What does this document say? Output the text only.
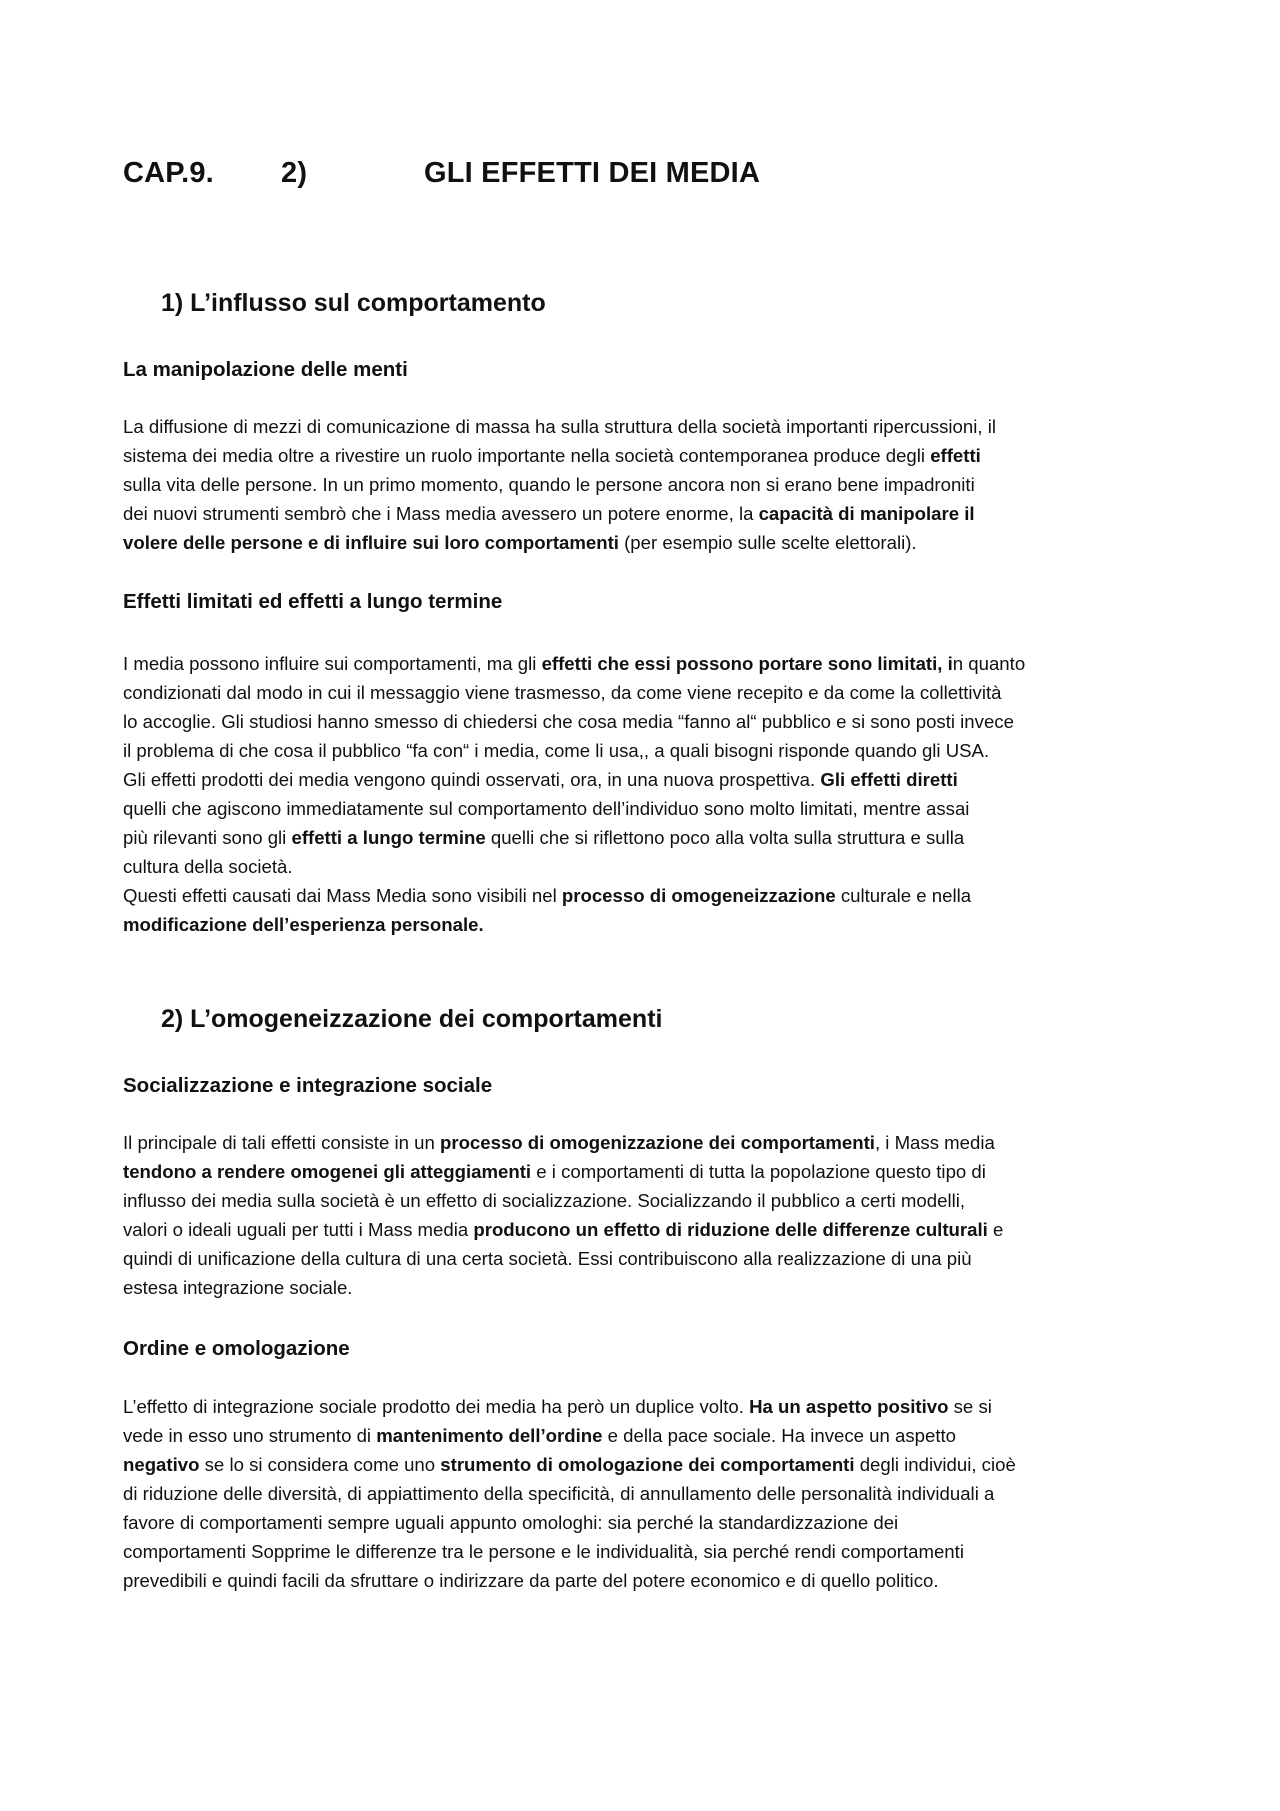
CAP.9. 2)	GLI EFFETTI DEI MEDIA
1) L’influsso sul comportamento
La manipolazione delle menti
La diffusione di mezzi di comunicazione di massa ha sulla struttura della società importanti ripercussioni, il
sistema dei media oltre a rivestire un ruolo importante nella società contemporanea produce degli effetti
sulla vita delle persone. In un primo momento, quando le persone ancora non si erano bene impadroniti
dei nuovi strumenti sembrò che i Mass media avessero un potere enorme, la capacità di manipolare il
volere delle persone e di influire sui loro comportamenti (per esempio sulle scelte elettorali).
Effetti limitati ed effetti a lungo termine
I media possono influire sui comportamenti, ma gli effetti che essi possono portare sono limitati, in quanto
condizionati dal modo in cui il messaggio viene trasmesso, da come viene recepito e da come la collettività
lo accoglie. Gli studiosi hanno smesso di chiedersi che cosa media “fanno al“ pubblico e si sono posti invece
il problema di che cosa il pubblico “fa con“ i media, come li usa,, a quali bisogni risponde quando gli USA.
Gli effetti prodotti dei media vengono quindi osservati, ora, in una nuova prospettiva. Gli effetti diretti
quelli che agiscono immediatamente sul comportamento dell’individuo sono molto limitati, mentre assai
più rilevanti sono gli effetti a lungo termine quelli che si riflettono poco alla volta sulla struttura e sulla
cultura della società.
Questi effetti causati dai Mass Media sono visibili nel processo di omogeneizzazione culturale e nella
modificazione dell’esperienza personale.
2) L’omogeneizzazione dei comportamenti
Socializzazione e integrazione sociale
Il principale di tali effetti consiste in un processo di omogenizzazione dei comportamenti, i Mass media
tendono a rendere omogenei gli atteggiamenti e i comportamenti di tutta la popolazione questo tipo di
influsso dei media sulla società è un effetto di socializzazione. Socializzando il pubblico a certi modelli,
valori o ideali uguali per tutti i Mass media producono un effetto di riduzione delle differenze culturali e
quindi di unificazione della cultura di una certa società. Essi contribuiscono alla realizzazione di una più
estesa integrazione sociale.
Ordine e omologazione
L’effetto di integrazione sociale prodotto dei media ha però un duplice volto. Ha un aspetto positivo se si
vede in esso uno strumento di mantenimento dell’ordine e della pace sociale. Ha invece un aspetto
negativo se lo si considera come uno strumento di omologazione dei comportamenti degli individui, cioè
di riduzione delle diversità, di appiattimento della specificità, di annullamento delle personalità individuali a
favore di comportamenti sempre uguali appunto omologhi: sia perché la standardizzazione dei
comportamenti Sopprime le differenze tra le persone e le individualità, sia perché rendi comportamenti
prevedibili e quindi facili da sfruttare o indirizzare da parte del potere economico e di quello politico.
